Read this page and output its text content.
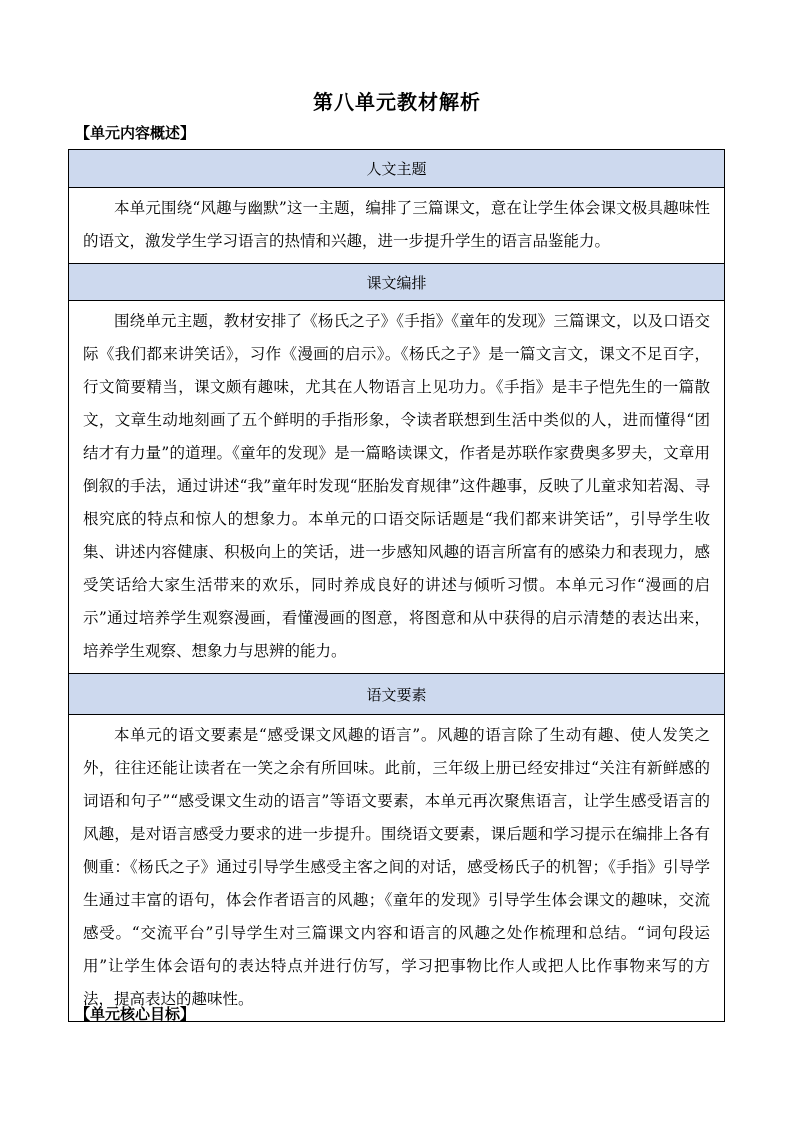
第八单元教材解析
【单元内容概述】
人文主题
本单元围绕“风趣与幽默”这一主题，编排了三篇课文，意在让学生体会课文极具趣味性的语文，激发学生学习语言的热情和兴趣，进一步提升学生的语言品鉴能力。
课文编排
围绕单元主题，教材安排了《杨氏之子》《手指》《童年的发现》三篇课文，以及口语交际《我们都来讲笑话》，习作《漫画的启示》。《杨氏之子》是一篇文言文，课文不足百字，行文简要精当，课文颇有趣味，尤其在人物语言上见功力。《手指》是丰子恺先生的一篇散文，文章生动地刻画了五个鲜明的手指形象，令读者联想到生活中类似的人，进而懂得“团结才有力量”的道理。《童年的发现》是一篇略读课文，作者是苏联作家费奥多罗夫，文章用倒叙的手法，通过讲述“我”童年时发现“胚胎发育规律”这件趣事，反映了儿童求知若渴、寻根究底的特点和惊人的想象力。本单元的口语交际话题是“我们都来讲笑话”，引导学生收集、讲述内容健康、积极向上的笑话，进一步感知风趣的语言所富有的感染力和表现力，感受笑话给大家生活带来的欢乐，同时养成良好的讲述与倾听习惯。本单元习作“漫画的启示”通过培养学生观察漫画，看懂漫画的图意，将图意和从中获得的启示清楚的表达出来，培养学生观察、想象力与思辨的能力。
语文要素
本单元的语文要素是“感受课文风趣的语言”。风趣的语言除了生动有趣、使人发笑之外，往往还能让读者在一笑之余有所回味。此前，三年级上册已经安排过“关注有新鲜感的词语和句子”“感受课文生动的语言”等语文要素，本单元再次聚焦语言，让学生感受语言的风趣，是对语言感受力要求的进一步提升。围绕语文要素，课后题和学习提示在编排上各有侧重：《杨氏之子》通过引导学生感受主客之间的对话，感受杨氏子的机智；《手指》引导学生通过丰富的语句，体会作者语言的风趣；《童年的发现》引导学生体会课文的趣味，交流感受。“交流平台”引导学生对三篇课文内容和语言的风趣之处作梳理和总结。“词句段运用”让学生体会语句的表达特点并进行仿写，学习把事物比作人或把人比作事物来写的方法，提高表达的趣味性。
【单元核心目标】
